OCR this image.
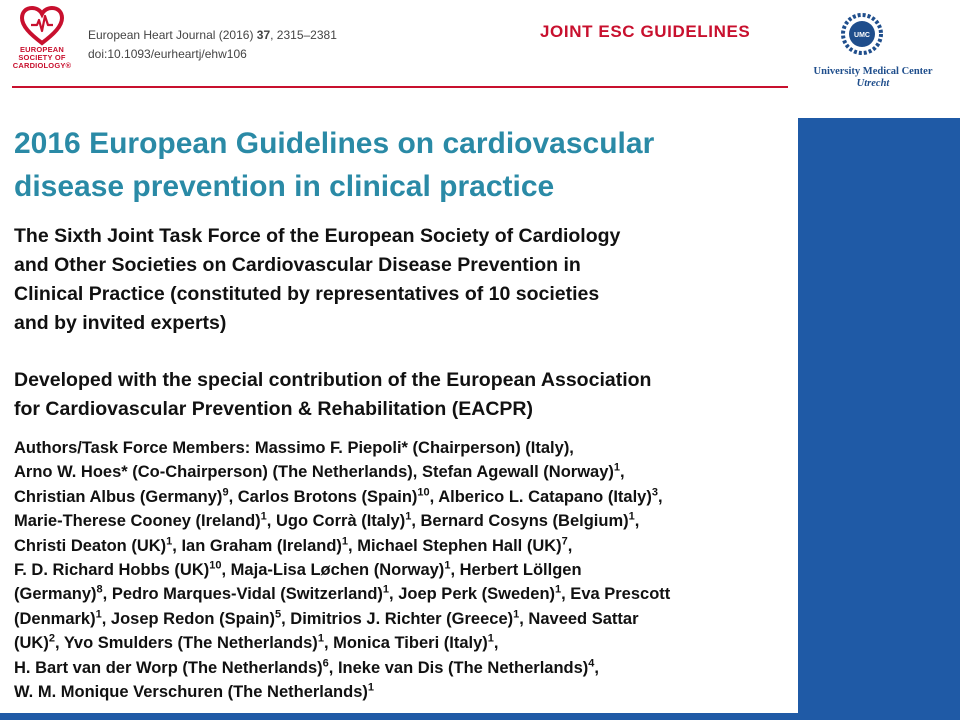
EUROPEAN
SOCIETY OF
CARDIOLOGY®
European Heart Journal (2016) 37, 2315–2381
doi:10.1093/eurheartj/ehw106
JOINT ESC GUIDELINES	UMC
University Medical Center
Utrecht
2016 European Guidelines on cardiovascular
disease prevention in clinical practice
The Sixth Joint Task Force of the European Society of Cardiology
and Other Societies on Cardiovascular Disease Prevention in
Clinical Practice (constituted by representatives of 10 societies
and by invited experts)
Developed with the special contribution of the European Association
for Cardiovascular Prevention & Rehabilitation (EACPR)
Authors/Task Force Members: Massimo F. Piepoli* (Chairperson) (Italy),
Arno W. Hoes* (Co-Chairperson) (The Netherlands), Stefan Agewall (Norway)$^1$,
Christian Albus (Germany)$^9$, Carlos Brotons (Spain)$^{10}$, Alberico L. Catapano (Italy)$^3$,
Marie-Therese Cooney (Ireland)$^1$, Ugo Corrà (Italy)$^1$, Bernard Cosyns (Belgium)$^1$,
Christi Deaton (UK)$^1$, Ian Graham (Ireland)$^1$, Michael Stephen Hall (UK)$^7$,
F. D. Richard Hobbs (UK)$^{10}$, Maja-Lisa Løchen (Norway)$^1$, Herbert Löllgen
(Germany)$^8$, Pedro Marques-Vidal (Switzerland)$^1$, Joep Perk (Sweden)$^1$, Eva Prescott
(Denmark)$^1$, Josep Redon (Spain)$^5$, Dimitrios J. Richter (Greece)$^1$, Naveed Sattar
(UK)$^2$, Yvo Smulders (The Netherlands)$^1$, Monica Tiberi (Italy)$^1$,
H. Bart van der Worp (The Netherlands)$^6$, Ineke van Dis (The Netherlands)$^4$,
W. M. Monique Verschuren (The Netherlands)$^1$
